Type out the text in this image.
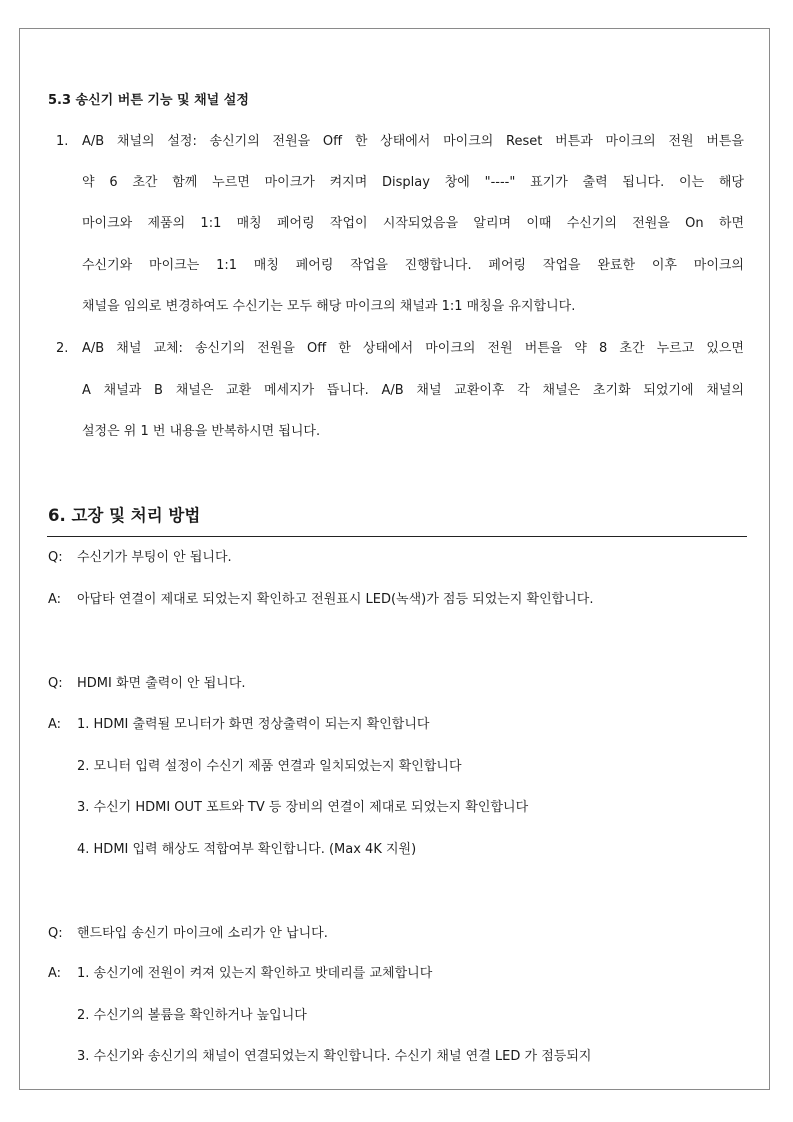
5.3 송신기 버튼 기능 및 채널 설정
1. A/B 채널의 설정: 송신기의 전원을 Off 한 상태에서 마이크의 Reset 버튼과 마이크의 전원 버튼을
약 6 초간 함께 누르면 마이크가 켜지며 Display 창에 "----" 표기가 출력 됩니다. 이는 해당
마이크와 제품의 1:1 매칭 페어링 작업이 시작되었음을 알리며 이때 수신기의 전원을 On 하면
수신기와 마이크는 1:1 매칭 페어링 작업을 진행합니다. 페어링 작업을 완료한 이후 마이크의
채널을 임의로 변경하여도 수신기는 모두 해당 마이크의 채널과 1:1 매칭을 유지합니다.
2. A/B 채널 교체: 송신기의 전원을 Off 한 상태에서 마이크의 전원 버튼을 약 8 초간 누르고 있으면
A 채널과 B 채널은 교환 메세지가 뜹니다. A/B 채널 교환이후 각 채널은 초기화 되었기에 채널의
설정은 위 1 번 내용을 반복하시면 됩니다.
6. 고장 및 처리 방법
Q: 수신기가 부팅이 안 됩니다.
A: 아답타 연결이 제대로 되었는지 확인하고 전원표시 LED(녹색)가 점등 되었는지 확인합니다.
Q: HDMI 화면 출력이 안 됩니다.
A: 1. HDMI 출력될 모니터가 화면 정상출력이 되는지 확인합니다
2. 모니터 입력 설정이 수신기 제품 연결과 일치되었는지 확인합니다
3. 수신기 HDMI OUT 포트와 TV 등 장비의 연결이 제대로 되었는지 확인합니다
4. HDMI 입력 해상도 적합여부 확인합니다. (Max 4K 지원)
Q: 핸드타입 송신기 마이크에 소리가 안 납니다.
A: 1. 송신기에 전원이 켜져 있는지 확인하고 밧데리를 교체합니다
2. 수신기의 볼륨을 확인하거나 높입니다
3. 수신기와 송신기의 채널이 연결되었는지 확인합니다. 수신기 채널 연결 LED 가 점등되지
